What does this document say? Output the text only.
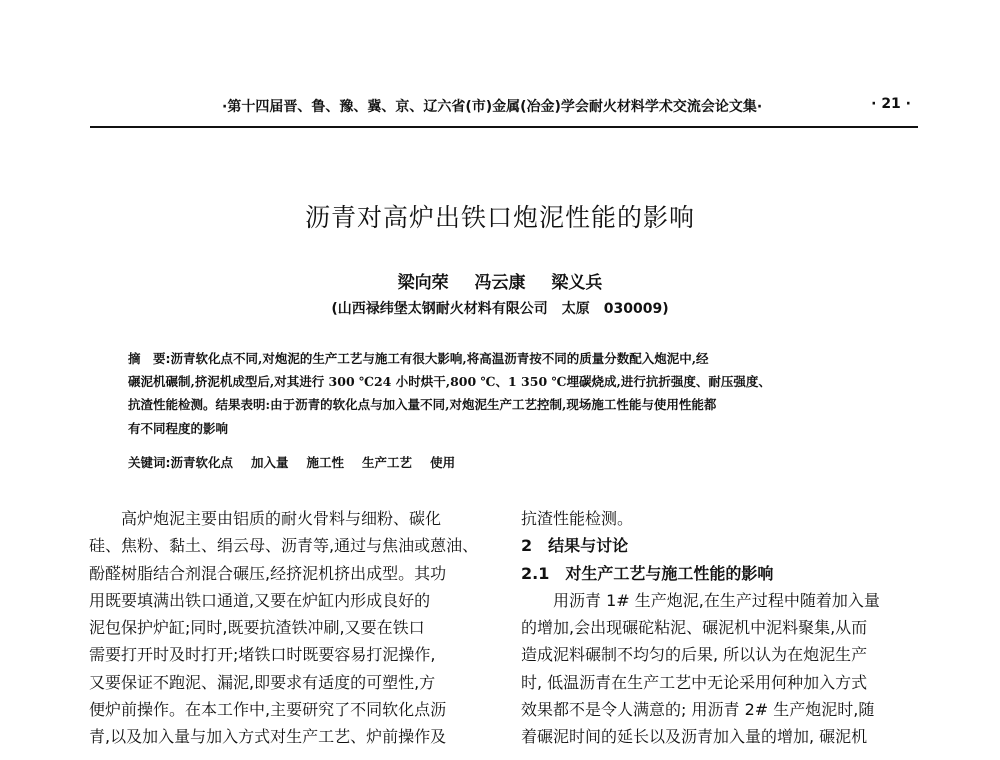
·第十四届晋、鲁、豫、冀、京、辽六省(市)金属(冶金)学会耐火材料学术交流会论文集·	· 21 ·
沥青对高炉出铁口炮泥性能的影响
梁向荣 冯云康 梁义兵
(山西禄纬堡太钢耐火材料有限公司　太原　030009)
摘　要:沥青软化点不同,对炮泥的生产工艺与施工有很大影响,将高温沥青按不同的质量分数配入炮泥中,经
碾泥机碾制,挤泥机成型后,对其进行 300 ℃24 小时烘干,800 ℃、1 350 ℃埋碳烧成,进行抗折强度、耐压强度、
抗渣性能检测。结果表明:由于沥青的软化点与加入量不同,对炮泥生产工艺控制,现场施工性能与使用性能都
有不同程度的影响
关键词:沥青软化点 加入量 施工性 生产工艺 使用
　　高炉炮泥主要由铝质的耐火骨料与细粉、碳化
硅、焦粉、黏土、绢云母、沥青等,通过与焦油或蒽油、
酚醛树脂结合剂混合碾压,经挤泥机挤出成型。其功
用既要填满出铁口通道,又要在炉缸内形成良好的
泥包保护炉缸;同时,既要抗渣铁冲刷,又要在铁口
需要打开时及时打开;堵铁口时既要容易打泥操作,
又要保证不跑泥、漏泥,即要求有适度的可塑性,方
便炉前操作。在本工作中,主要研究了不同软化点沥
青,以及加入量与加入方式对生产工艺、炉前操作及
抗渣性能检测。
2　结果与讨论
2.1　对生产工艺与施工性能的影响
　　用沥青 1# 生产炮泥,在生产过程中随着加入量
的增加,会出现碾砣粘泥、碾泥机中泥料聚集,从而
造成泥料碾制不均匀的后果, 所以认为在炮泥生产
时, 低温沥青在生产工艺中无论采用何种加入方式
效果都不是令人满意的; 用沥青 2# 生产炮泥时,随
着碾泥时间的延长以及沥青加入量的增加, 碾泥机
